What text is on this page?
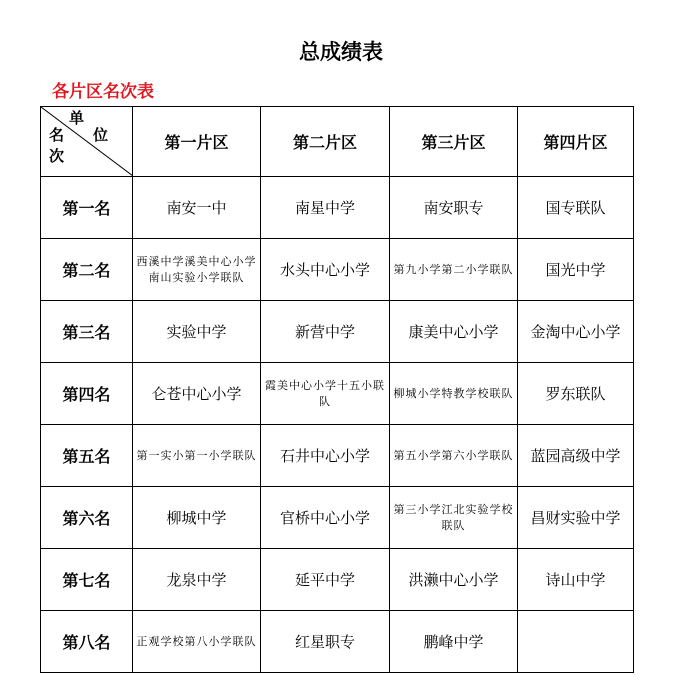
总成绩表
各片区名次表
单
位
名
次	第一片区	第二片区	第三片区	第四片区
第一名	南安一中	南星中学	南安职专	国专联队
第二名	西溪中学溪美中心小学南山实验小学联队	水头中心小学	第九小学第二小学联队	国光中学
第三名	实验中学	新营中学	康美中心小学	金淘中心小学
第四名	仑苍中心小学	霞美中心小学十五小联队	柳城小学特教学校联队	罗东联队
第五名	第一实小第一小学联队	石井中心小学	第五小学第六小学联队	蓝园高级中学
第六名	柳城中学	官桥中心小学	第三小学江北实验学校联队	昌财实验中学
第七名	龙泉中学	延平中学	洪濑中心小学	诗山中学
第八名	正观学校第八小学联队	红星职专	鹏峰中学	
